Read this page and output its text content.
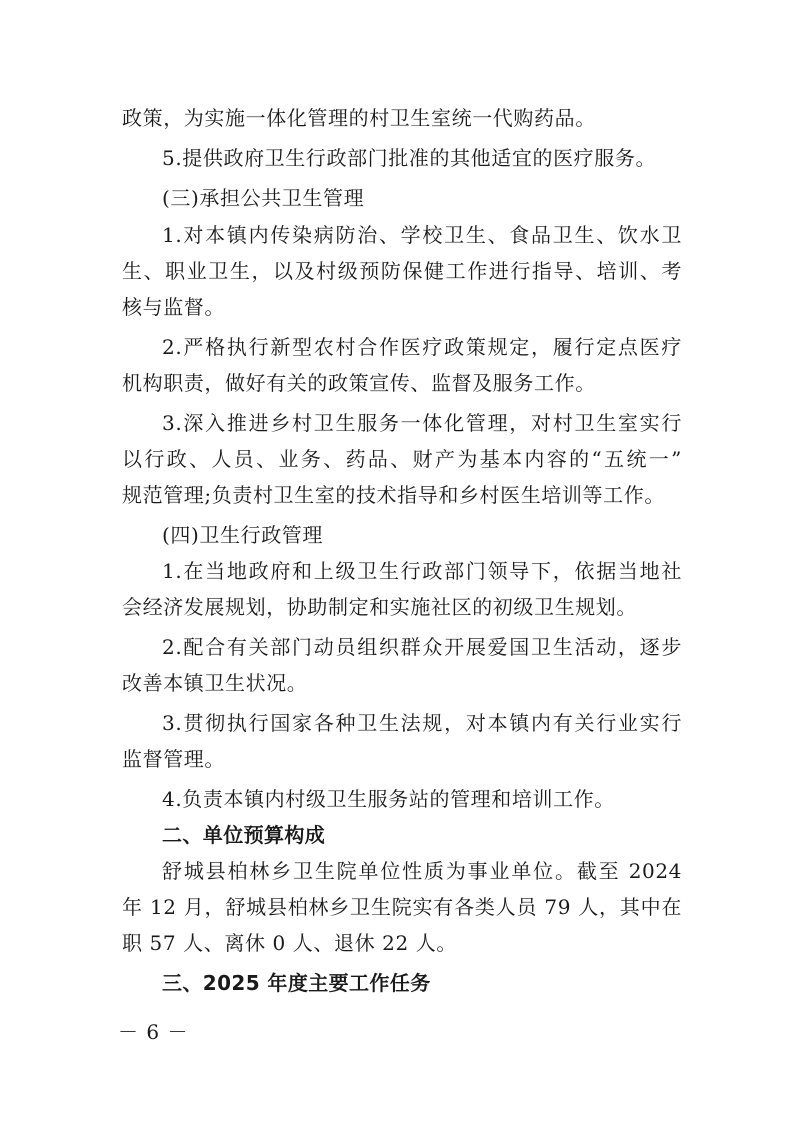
政策，为实施一体化管理的村卫生室统一代购药品。
5.提供政府卫生行政部门批准的其他适宜的医疗服务。
(三)承担公共卫生管理
1.对本镇内传染病防治、学校卫生、食品卫生、饮水卫
生、职业卫生，以及村级预防保健工作进行指导、培训、考
核与监督。
2.严格执行新型农村合作医疗政策规定，履行定点医疗
机构职责，做好有关的政策宣传、监督及服务工作。
3.深入推进乡村卫生服务一体化管理，对村卫生室实行
以行政、人员、业务、药品、财产为基本内容的“五统一”
规范管理;负责村卫生室的技术指导和乡村医生培训等工作。
(四)卫生行政管理
1.在当地政府和上级卫生行政部门领导下，依据当地社
会经济发展规划，协助制定和实施社区的初级卫生规划。
2.配合有关部门动员组织群众开展爱国卫生活动，逐步
改善本镇卫生状况。
3.贯彻执行国家各种卫生法规，对本镇内有关行业实行
监督管理。
4.负责本镇内村级卫生服务站的管理和培训工作。
二、单位预算构成
舒城县柏林乡卫生院单位性质为事业单位。截至 2024
年 12 月，舒城县柏林乡卫生院实有各类人员 79 人，其中在
职 57 人、离休 0 人、退休 22 人。
三、2025 年度主要工作任务
－ 6 －
